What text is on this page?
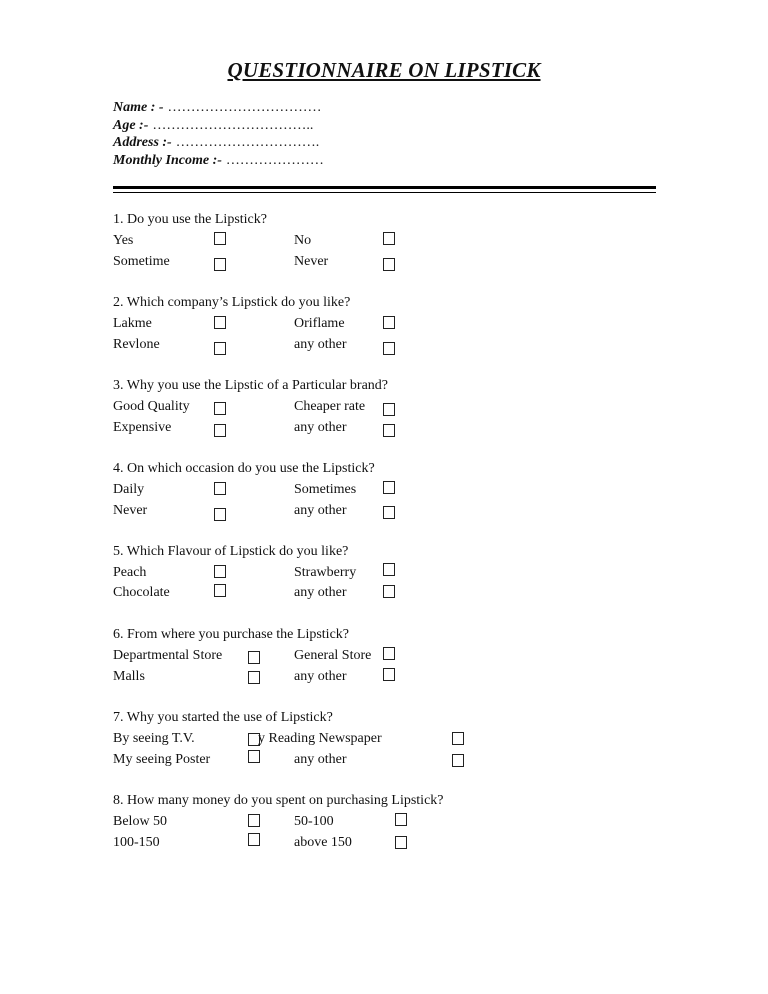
QUESTIONNAIRE ON LIPSTICK
Name : - ……………………………
Age :- ……………………………..
Address :- ………………………….
Monthly Income :- …………………
1. Do you use the Lipstick?
Yes	No
Sometime	Never
2. Which company’s Lipstick do you like?
Lakme	Oriflame
Revlone	any other
3. Why you use the Lipstic of a Particular brand?
Good Quality	Cheaper rate
Expensive	any other
4. On which occasion do you use the Lipstick?
Daily	Sometimes
Never	any other
5. Which Flavour of Lipstick do you like?
Peach	Strawberry
Chocolate	any other
6. From where you purchase the Lipstick?
Departmental Store	General Store
Malls	any other
7. Why you started the use of Lipstick?
By seeing T.V.	y Reading Newspaper
My seeing Poster	any other
8. How many money do you spent on purchasing Lipstick?
Below 50	50-100
100-150	above 150
